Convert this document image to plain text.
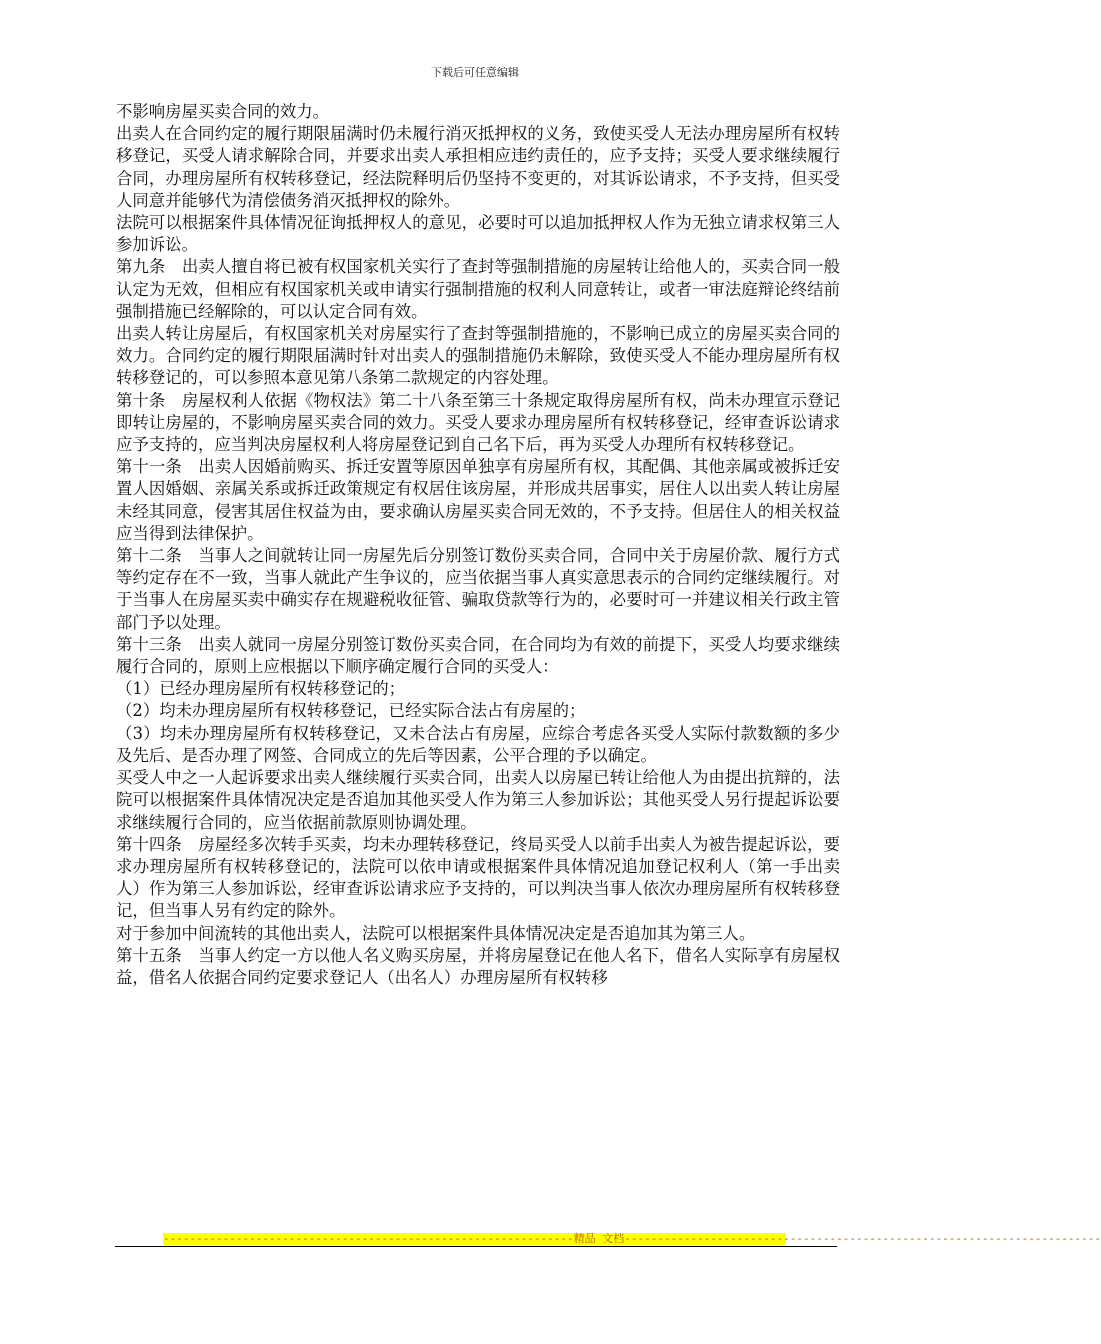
下载后可任意编辑

不影响房屋买卖合同的效力。

出卖人在合同约定的履行期限届满时仍未履行消灭抵押权的义务，致使买受人无法办理房屋所有权转移登记，买受人请求解除合同，并要求出卖人承担相应违约责任的，应予支持；买受人要求继续履行合同，办理房屋所有权转移登记，经法院释明后仍坚持不变更的，对其诉讼请求，不予支持，但买受人同意并能够代为清偿债务消灭抵押权的除外。

法院可以根据案件具体情况征询抵押权人的意见，必要时可以追加抵押权人作为无独立请求权第三人参加诉讼。

第九条　出卖人擅自将已被有权国家机关实行了查封等强制措施的房屋转让给他人的，买卖合同一般认定为无效，但相应有权国家机关或申请实行强制措施的权利人同意转让，或者一审法庭辩论终结前强制措施已经解除的，可以认定合同有效。

出卖人转让房屋后，有权国家机关对房屋实行了查封等强制措施的，不影响已成立的房屋买卖合同的效力。合同约定的履行期限届满时针对出卖人的强制措施仍未解除，致使买受人不能办理房屋所有权转移登记的，可以参照本意见第八条第二款规定的内容处理。

第十条　房屋权利人依据《物权法》第二十八条至第三十条规定取得房屋所有权，尚未办理宣示登记即转让房屋的，不影响房屋买卖合同的效力。买受人要求办理房屋所有权转移登记，经审查诉讼请求应予支持的，应当判决房屋权利人将房屋登记到自己名下后，再为买受人办理所有权转移登记。

第十一条　出卖人因婚前购买、拆迁安置等原因单独享有房屋所有权，其配偶、其他亲属或被拆迁安置人因婚姻、亲属关系或拆迁政策规定有权居住该房屋，并形成共居事实，居住人以出卖人转让房屋未经其同意，侵害其居住权益为由，要求确认房屋买卖合同无效的，不予支持。但居住人的相关权益应当得到法律保护。

第十二条　当事人之间就转让同一房屋先后分别签订数份买卖合同，合同中关于房屋价款、履行方式等约定存在不一致，当事人就此产生争议的，应当依据当事人真实意思表示的合同约定继续履行。对于当事人在房屋买卖中确实存在规避税收征管、骗取贷款等行为的，必要时可一并建议相关行政主管部门予以处理。

第十三条　出卖人就同一房屋分别签订数份买卖合同，在合同均为有效的前提下，买受人均要求继续履行合同的，原则上应根据以下顺序确定履行合同的买受人：

（1）已经办理房屋所有权转移登记的；

（2）均未办理房屋所有权转移登记，已经实际合法占有房屋的；

（3）均未办理房屋所有权转移登记，又未合法占有房屋，应综合考虑各买受人实际付款数额的多少及先后、是否办理了网签、合同成立的先后等因素，公平合理的予以确定。

买受人中之一人起诉要求出卖人继续履行买卖合同，出卖人以房屋已转让给他人为由提出抗辩的，法院可以根据案件具体情况决定是否追加其他买受人作为第三人参加诉讼；其他买受人另行提起诉讼要求继续履行合同的，应当依据前款原则协调处理。

第十四条　房屋经多次转手买卖，均未办理转移登记，终局买受人以前手出卖人为被告提起诉讼，要求办理房屋所有权转移登记的，法院可以依申请或根据案件具体情况追加登记权利人（第一手出卖人）作为第三人参加诉讼，经审查诉讼请求应予支持的，可以判决当事人依次办理房屋所有权转移登记，但当事人另有约定的除外。

对于参加中间流转的其他出卖人，法院可以根据案件具体情况决定是否追加其为第三人。

第十五条　当事人约定一方以他人名义购买房屋，并将房屋登记在他人名下，借名人实际享有房屋权益，借名人依据合同约定要求登记人（出名人）办理房屋所有权转移

--------------------------------------------------------------精品 文档------------------------------------------------------------------------
